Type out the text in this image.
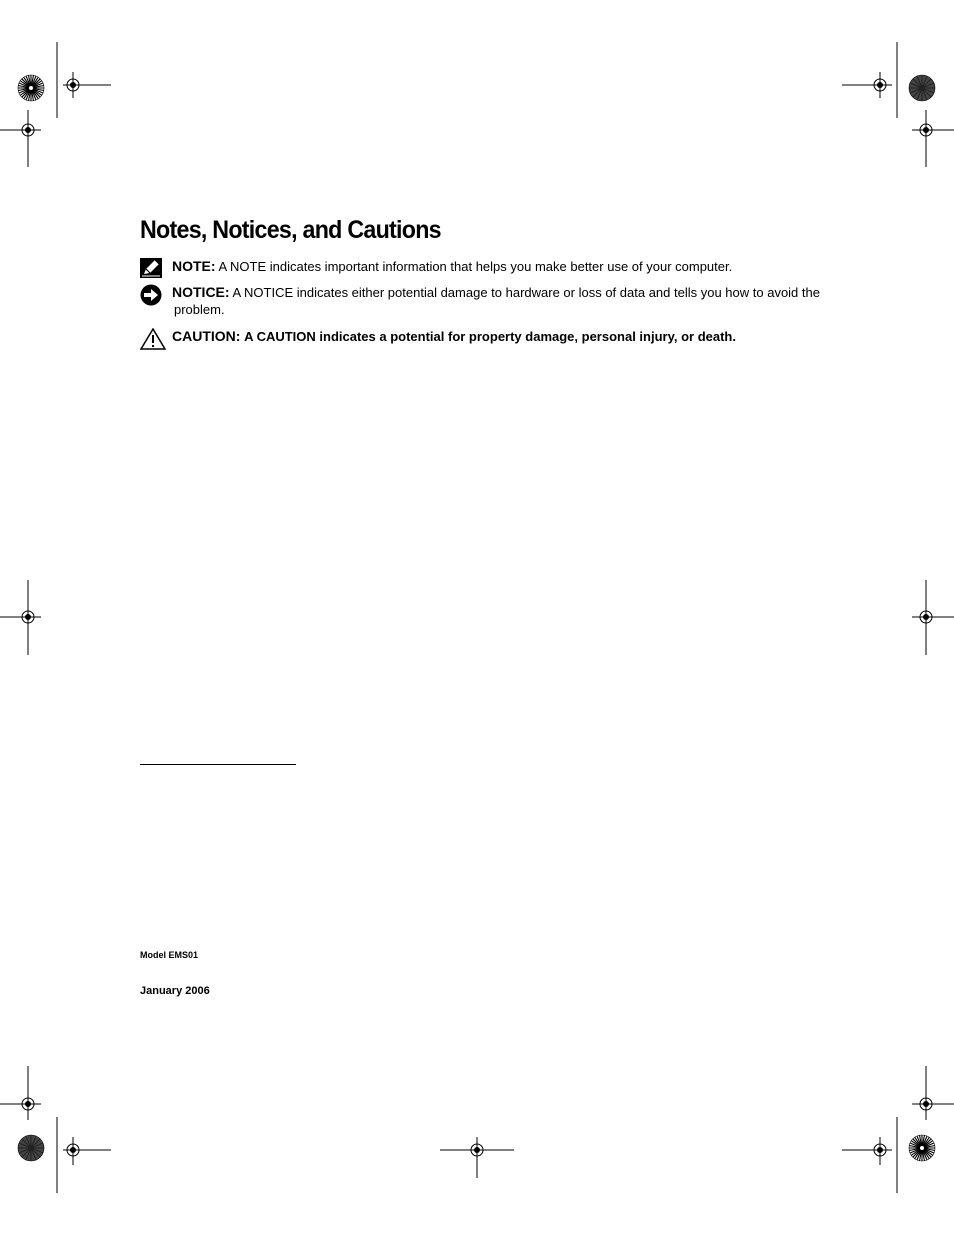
Notes, Notices, and Cautions
NOTE: A NOTE indicates important information that helps you make better use of your computer.
NOTICE: A NOTICE indicates either potential damage to hardware or loss of data and tells you how to avoid the
problem.
CAUTION: A CAUTION indicates a potential for property damage, personal injury, or death.
Model EMS01
January 2006
